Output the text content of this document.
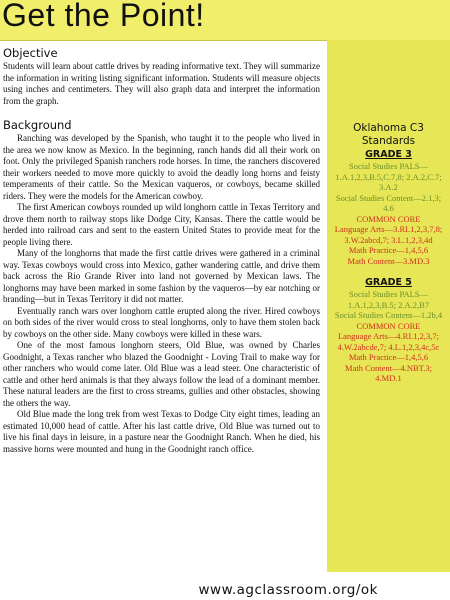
Get the Point!
Objective

Students will learn about cattle drives by reading informative text. They will summarize the information in writing listing significant information. Students will measure objects using inches and centimeters. They will also graph data and interpret the information from the graph.

Background

Ranching was developed by the Spanish, who taught it to the people who lived in the area we now know as Mexico. In the beginning, ranch hands did all their work on foot. Only the privileged Spanish ranchers rode horses. In time, the ranchers discovered their workers needed to move more quickly to avoid the deadly long horns and feisty temperaments of their cattle. So the Mexican vaqueros, or cowboys, became skilled riders. They were the models for the American cowboy.

The first American cowboys rounded up wild longhorn cattle in Texas Territory and drove them north to railway stops like Dodge City, Kansas. There the cattle would be herded into railroad cars and sent to the eastern United States to provide meat for the people living there.

Many of the longhorns that made the first cattle drives were gathered in a criminal way. Texas cowboys would cross into Mexico, gather wandering cattle, and drive them back across the Rio Grande River into land not governed by Mexican laws. The longhorns may have been marked in some fashion by the vaqueros—by ear notching or branding—but in Texas Territory it did not matter.

Eventually ranch wars over longhorn cattle erupted along the river. Hired cowboys on both sides of the river would cross to steal longhorns, only to have them stolen back by cowboys on the other side. Many cowboys were killed in these wars.

One of the most famous longhorn steers, Old Blue, was owned by Charles Goodnight, a Texas rancher who blazed the Goodnight - Loving Trail to make way for other ranchers who would come later. Old Blue was a lead steer. One characteristic of cattle and other herd animals is that they always follow the lead of a dominant member. These natural leaders are the first to cross streams, gullies and other obstacles, showing the others the way.

Old Blue made the long trek from west Texas to Dodge City eight times, leading an estimated 10,000 head of cattle. After his last cattle drive, Old Blue was turned out to live his final days in leisure, in a pasture near the Goodnight Ranch. When he died, his massive horns were mounted and hung in the Goodnight ranch office.

Oklahoma C3

Standards

GRADE 3

Social Studies PALS—1.A.1,2,3,B.5,C.7,8; 2.A.2,C.7; 3.A.2

Social Studies Content—2.1,3; 4.6

COMMON CORE

Language Arts—3.RI.1,2,3,7,8; 3.W.2abcd,7; 3.L.1,2,3,4d

Math Practice—1,4,5,6

Math Content—3.MD.3

GRADE 5

Social Studies PALS—1.A.1,2,3,B.5; 2.A.2,B7

Social Studies Content—1.2b,4

COMMON CORE

Language Arts—4.RI.1,2,3,7; 4.W.2abcde,7; 4.L.1,2,3,4c,5c

Math Practice—1,4,5,6

Math Content—4.NBT.3; 4.MD.1

www.agclassroom.org/ok
